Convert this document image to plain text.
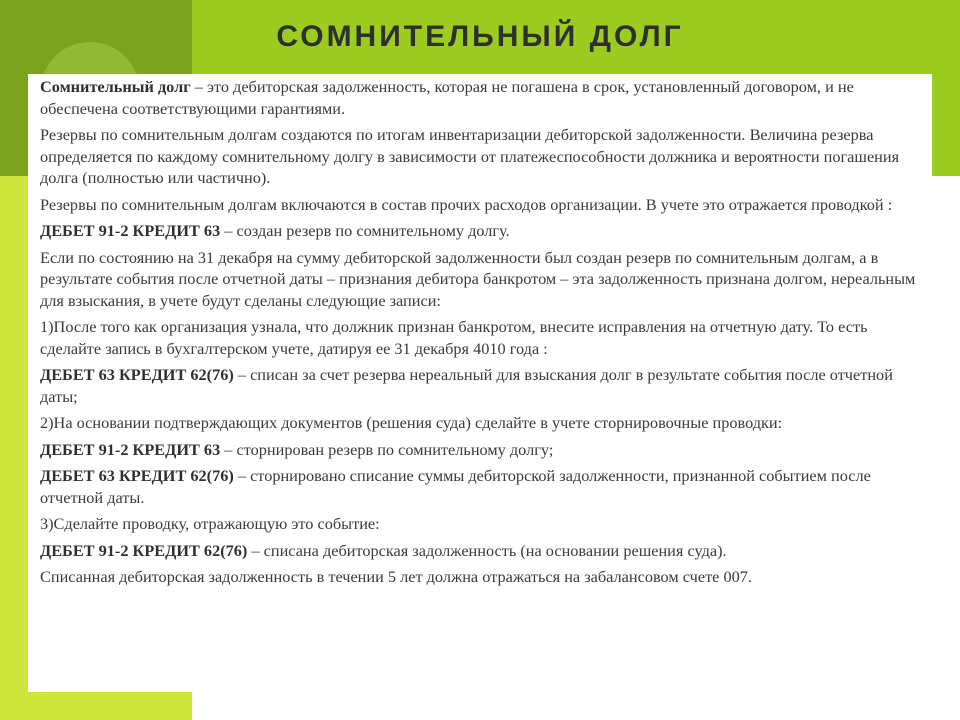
СОМНИТЕЛЬНЫЙ ДОЛГ

Сомнительный долг – это дебиторская задолженность, которая не погашена в срок, установленный договором, и не обеспечена соответствующими гарантиями.

Резервы по сомнительным долгам создаются по итогам инвентаризации дебиторской задолженности. Величина резерва определяется по каждому сомнительному долгу в зависимости от платежеспособности должника и вероятности погашения долга (полностью или частично).

Резервы по сомнительным долгам включаются в состав прочих расходов организации. В учете это отражается проводкой :

ДЕБЕТ 91-2 КРЕДИТ 63 – создан резерв по сомнительному долгу.

Если по состоянию на 31 декабря на сумму дебиторской задолженности был создан резерв по сомнительным долгам, а в результате события после отчетной даты – признания дебитора банкротом – эта задолженность признана долгом, нереальным для взыскания, в учете будут сделаны следующие записи:

1)После того как организация узнала, что должник признан банкротом, внесите исправления на отчетную дату. То есть сделайте запись в бухгалтерском учете, датируя ее 31 декабря 4010 года :

ДЕБЕТ 63 КРЕДИТ 62(76) – списан за счет резерва нереальный для взыскания долг в результате события после отчетной даты;

2)На основании подтверждающих документов (решения суда) сделайте в учете сторнировочные проводки:

ДЕБЕТ 91-2 КРЕДИТ 63 – сторнирован резерв по сомнительному долгу;

ДЕБЕТ 63 КРЕДИТ 62(76) – сторнировано списание суммы дебиторской задолженности, признанной событием после отчетной даты.

3)Сделайте проводку, отражающую это событие:

ДЕБЕТ 91-2 КРЕДИТ 62(76) – списана дебиторская задолженность (на основании решения суда).

Списанная дебиторская задолженность в течении 5 лет должна отражаться на забалансовом счете 007.
